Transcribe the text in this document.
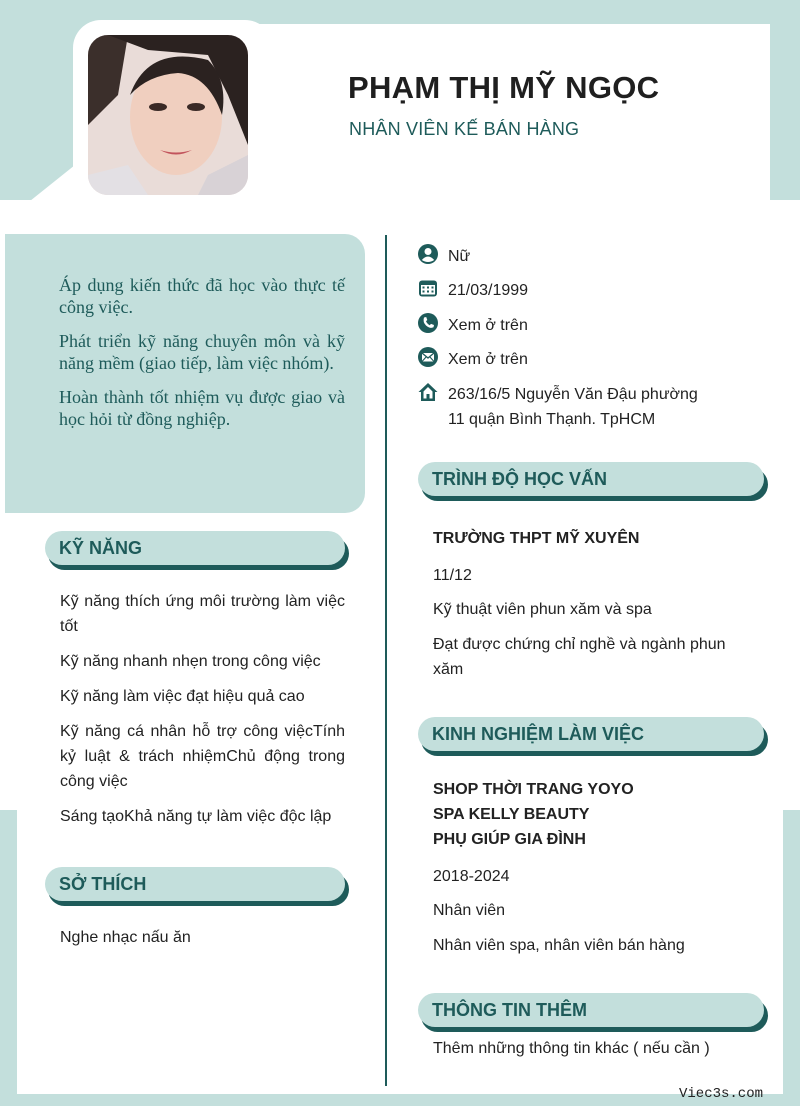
PHẠM THỊ MỸ NGỌC
NHÂN VIÊN KẾ BÁN HÀNG

Áp dụng kiến thức đã học vào thực tế công việc.

Phát triển kỹ năng chuyên môn và kỹ năng mềm (giao tiếp, làm việc nhóm).

Hoàn thành tốt nhiệm vụ được giao và học hỏi từ đồng nghiệp.

KỸ NĂNG
Kỹ năng thích ứng môi trường làm việc tốt
Kỹ năng nhanh nhẹn trong công việc
Kỹ năng làm việc đạt hiệu quả cao
Kỹ năng cá nhân hỗ trợ công việcTính kỷ luật & trách nhiệmChủ động trong công việc
Sáng tạoKhả năng tự làm việc độc lập
SỞ THÍCH
Nghe nhạc nấu ăn
Nữ
21/03/1999
Xem ở trên
Xem ở trên
263/16/5 Nguyễn Văn Đậu phường
11 quận Bình Thạnh. TpHCM
TRÌNH ĐỘ HỌC VẤN
TRƯỜNG THPT MỸ XUYÊN
11/12
Kỹ thuật viên phun xăm và spa
Đạt được chứng chỉ nghề và ngành phun xăm
KINH NGHIỆM LÀM VIỆC
SHOP THỜI TRANG YOYO
SPA KELLY BEAUTY
PHỤ GIÚP GIA ĐÌNH
2018-2024
Nhân viên
Nhân viên spa, nhân viên bán hàng
THÔNG TIN THÊM
Thêm những thông tin khác ( nếu cần )
Viec3s.com
